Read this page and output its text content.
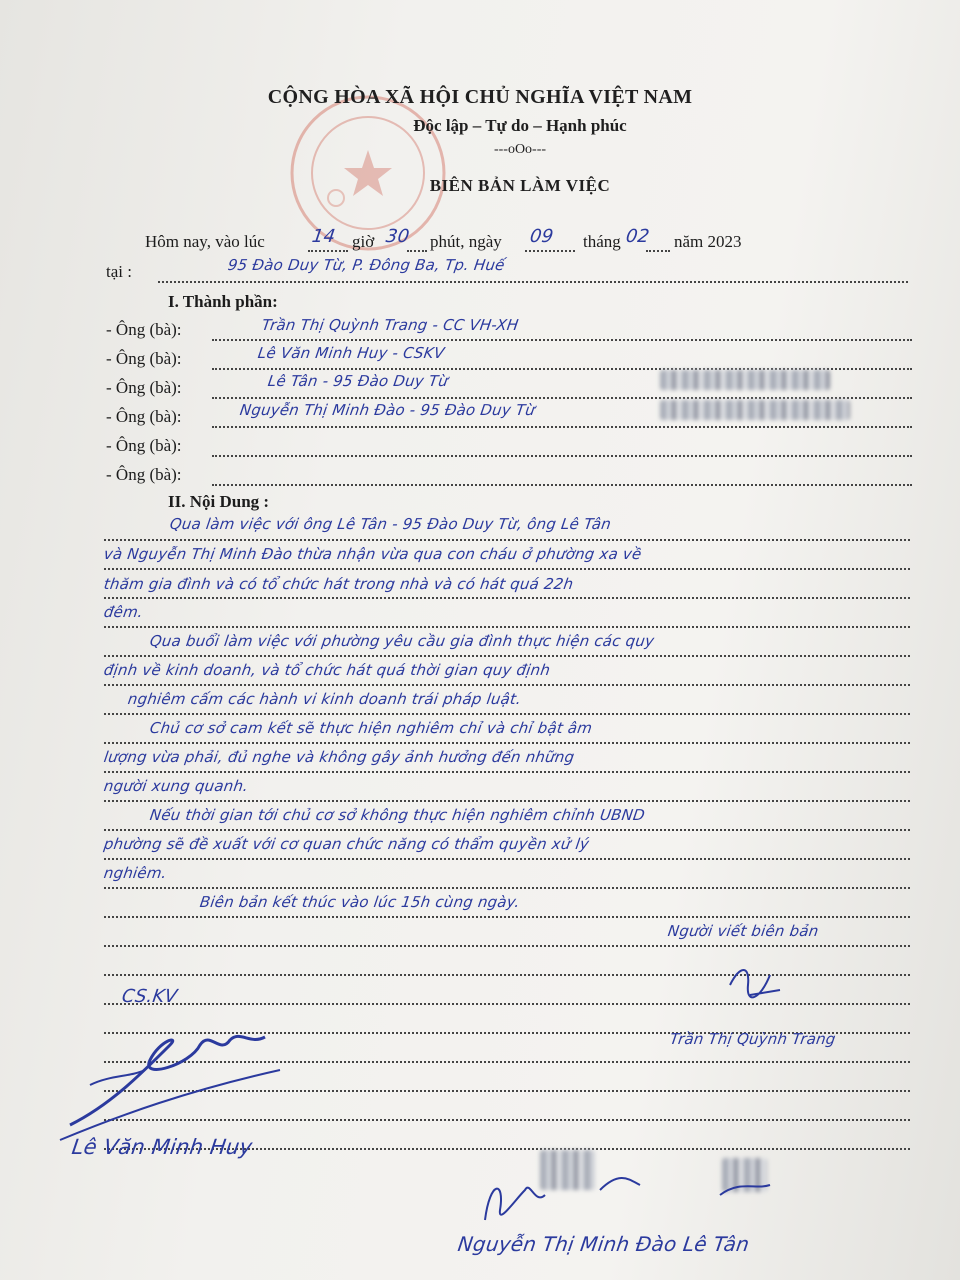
CỘNG HÒA XÃ HỘI CHỦ NGHĨA VIỆT NAM
Độc lập – Tự do – Hạnh phúc
---oOo---
BIÊN BẢN LÀM VIỆC
Hôm nay, vào lúc	14 giờ 30 phút, ngày 09 tháng 02 năm 2023
tại :	95 Đào Duy Từ, P. Đông Ba, Tp. Huế
I. Thành phần:
- Ông (bà):	Trần Thị Quỳnh Trang - CC VH-XH
- Ông (bà):	Lê Văn Minh Huy - CSKV
- Ông (bà):	Lê Tân - 95 Đào Duy Từ
- Ông (bà):	Nguyễn Thị Minh Đào - 95 Đào Duy Từ
- Ông (bà):
- Ông (bà):
II. Nội Dung :
Qua làm việc với ông Lê Tân - 95 Đào Duy Từ, ông Lê Tân
và Nguyễn Thị Minh Đào thừa nhận vừa qua con cháu ở phường xa về
thăm gia đình và có tổ chức hát trong nhà và có hát quá 22h
đêm.
Qua buổi làm việc với phường yêu cầu gia đình thực hiện các quy
định về kinh doanh, và tổ chức hát quá thời gian quy định
nghiêm cấm các hành vi kinh doanh trái pháp luật.
Chủ cơ sở cam kết sẽ thực hiện nghiêm chỉ và chỉ bật âm
lượng vừa phải, đủ nghe và không gây ảnh hưởng đến những
người xung quanh.
Nếu thời gian tới chủ cơ sở không thực hiện nghiêm chỉnh UBND
phường sẽ đề xuất với cơ quan chức năng có thẩm quyền xử lý
nghiêm.
Biên bản kết thúc vào lúc 15h cùng ngày.
Người viết biên bản
CS.KV
Trần Thị Quỳnh Trang
Lê Văn Minh Huy
Nguyễn Thị Minh Đào Lê Tân
